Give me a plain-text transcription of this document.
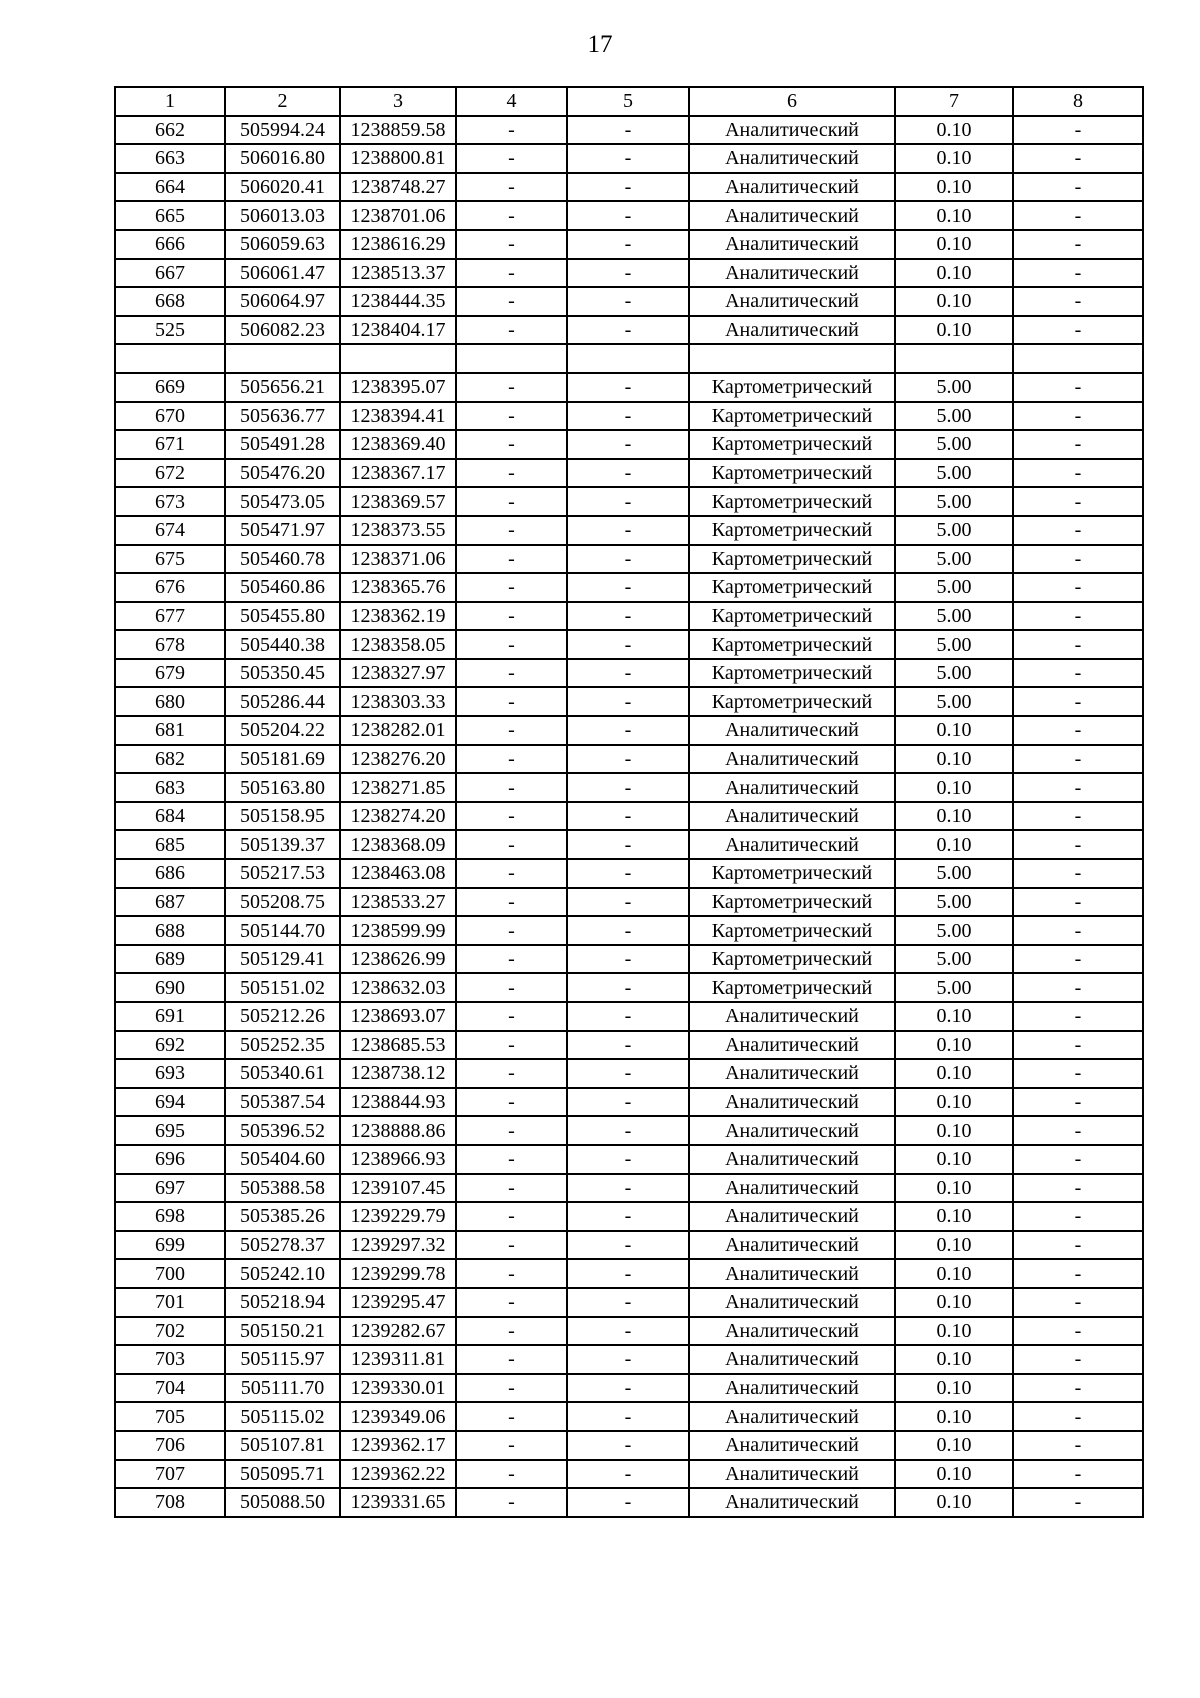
17
1	2	3	4	5	6	7	8
662	505994.24	1238859.58	-	-	Аналитический	0.10	-
663	506016.80	1238800.81	-	-	Аналитический	0.10	-
664	506020.41	1238748.27	-	-	Аналитический	0.10	-
665	506013.03	1238701.06	-	-	Аналитический	0.10	-
666	506059.63	1238616.29	-	-	Аналитический	0.10	-
667	506061.47	1238513.37	-	-	Аналитический	0.10	-
668	506064.97	1238444.35	-	-	Аналитический	0.10	-
525	506082.23	1238404.17	-	-	Аналитический	0.10	-

669	505656.21	1238395.07	-	-	Картометрический	5.00	-
670	505636.77	1238394.41	-	-	Картометрический	5.00	-
671	505491.28	1238369.40	-	-	Картометрический	5.00	-
672	505476.20	1238367.17	-	-	Картометрический	5.00	-
673	505473.05	1238369.57	-	-	Картометрический	5.00	-
674	505471.97	1238373.55	-	-	Картометрический	5.00	-
675	505460.78	1238371.06	-	-	Картометрический	5.00	-
676	505460.86	1238365.76	-	-	Картометрический	5.00	-
677	505455.80	1238362.19	-	-	Картометрический	5.00	-
678	505440.38	1238358.05	-	-	Картометрический	5.00	-
679	505350.45	1238327.97	-	-	Картометрический	5.00	-
680	505286.44	1238303.33	-	-	Картометрический	5.00	-
681	505204.22	1238282.01	-	-	Аналитический	0.10	-
682	505181.69	1238276.20	-	-	Аналитический	0.10	-
683	505163.80	1238271.85	-	-	Аналитический	0.10	-
684	505158.95	1238274.20	-	-	Аналитический	0.10	-
685	505139.37	1238368.09	-	-	Аналитический	0.10	-
686	505217.53	1238463.08	-	-	Картометрический	5.00	-
687	505208.75	1238533.27	-	-	Картометрический	5.00	-
688	505144.70	1238599.99	-	-	Картометрический	5.00	-
689	505129.41	1238626.99	-	-	Картометрический	5.00	-
690	505151.02	1238632.03	-	-	Картометрический	5.00	-
691	505212.26	1238693.07	-	-	Аналитический	0.10	-
692	505252.35	1238685.53	-	-	Аналитический	0.10	-
693	505340.61	1238738.12	-	-	Аналитический	0.10	-
694	505387.54	1238844.93	-	-	Аналитический	0.10	-
695	505396.52	1238888.86	-	-	Аналитический	0.10	-
696	505404.60	1238966.93	-	-	Аналитический	0.10	-
697	505388.58	1239107.45	-	-	Аналитический	0.10	-
698	505385.26	1239229.79	-	-	Аналитический	0.10	-
699	505278.37	1239297.32	-	-	Аналитический	0.10	-
700	505242.10	1239299.78	-	-	Аналитический	0.10	-
701	505218.94	1239295.47	-	-	Аналитический	0.10	-
702	505150.21	1239282.67	-	-	Аналитический	0.10	-
703	505115.97	1239311.81	-	-	Аналитический	0.10	-
704	505111.70	1239330.01	-	-	Аналитический	0.10	-
705	505115.02	1239349.06	-	-	Аналитический	0.10	-
706	505107.81	1239362.17	-	-	Аналитический	0.10	-
707	505095.71	1239362.22	-	-	Аналитический	0.10	-
708	505088.50	1239331.65	-	-	Аналитический	0.10	-
